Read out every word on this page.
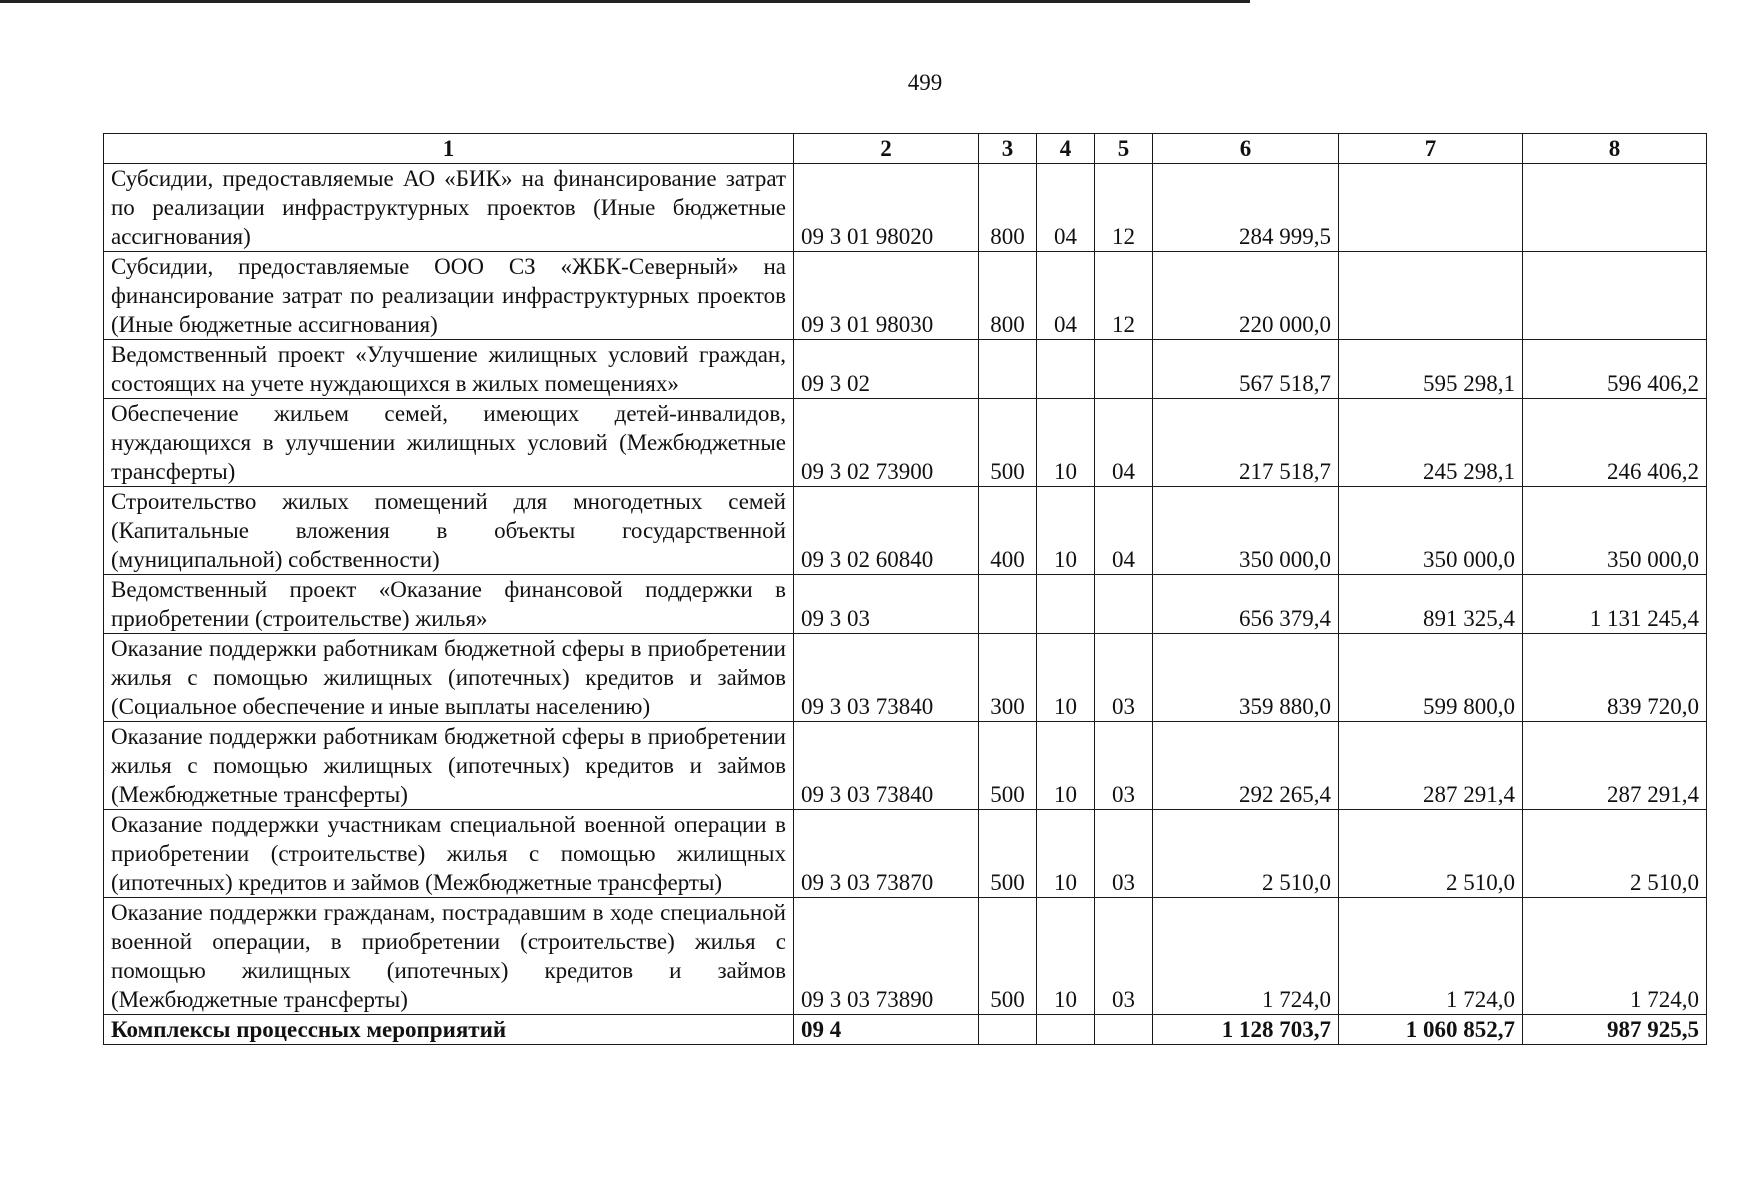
499
1	2	3	4	5	6	7	8
Субсидии, предоставляемые АО «БИК» на финансирование затрат по реализации инфраструктурных проектов (Иные бюджетные ассигнования)	09 3 01 98020	800	04	12	284 999,5		
Субсидии, предоставляемые ООО СЗ «ЖБК-Северный» на финансирование затрат по реализации инфраструктурных проектов (Иные бюджетные ассигнования)	09 3 01 98030	800	04	12	220 000,0		
Ведомственный проект «Улучшение жилищных условий граждан, состоящих на учете нуждающихся в жилых помещениях»	09 3 02				567 518,7	595 298,1	596 406,2
Обеспечение жильем семей, имеющих детей-инвалидов, нуждающихся в улучшении жилищных условий (Межбюджетные трансферты)	09 3 02 73900	500	10	04	217 518,7	245 298,1	246 406,2
Строительство жилых помещений для многодетных семей (Капитальные вложения в объекты государственной (муниципальной) собственности)	09 3 02 60840	400	10	04	350 000,0	350 000,0	350 000,0
Ведомственный проект «Оказание финансовой поддержки в приобретении (строительстве) жилья»	09 3 03				656 379,4	891 325,4	1 131 245,4
Оказание поддержки работникам бюджетной сферы в приобретении жилья с помощью жилищных (ипотечных) кредитов и займов (Социальное обеспечение и иные выплаты населению)	09 3 03 73840	300	10	03	359 880,0	599 800,0	839 720,0
Оказание поддержки работникам бюджетной сферы в приобретении жилья с помощью жилищных (ипотечных) кредитов и займов (Межбюджетные трансферты)	09 3 03 73840	500	10	03	292 265,4	287 291,4	287 291,4
Оказание поддержки участникам специальной военной операции в приобретении (строительстве) жилья с помощью жилищных (ипотечных) кредитов и займов (Межбюджетные трансферты)	09 3 03 73870	500	10	03	2 510,0	2 510,0	2 510,0
Оказание поддержки гражданам, пострадавшим в ходе специальной военной операции, в приобретении (строительстве) жилья с помощью жилищных (ипотечных) кредитов и займов (Межбюджетные трансферты)	09 3 03 73890	500	10	03	1 724,0	1 724,0	1 724,0
Комплексы процессных мероприятий	09 4				1 128 703,7	1 060 852,7	987 925,5
